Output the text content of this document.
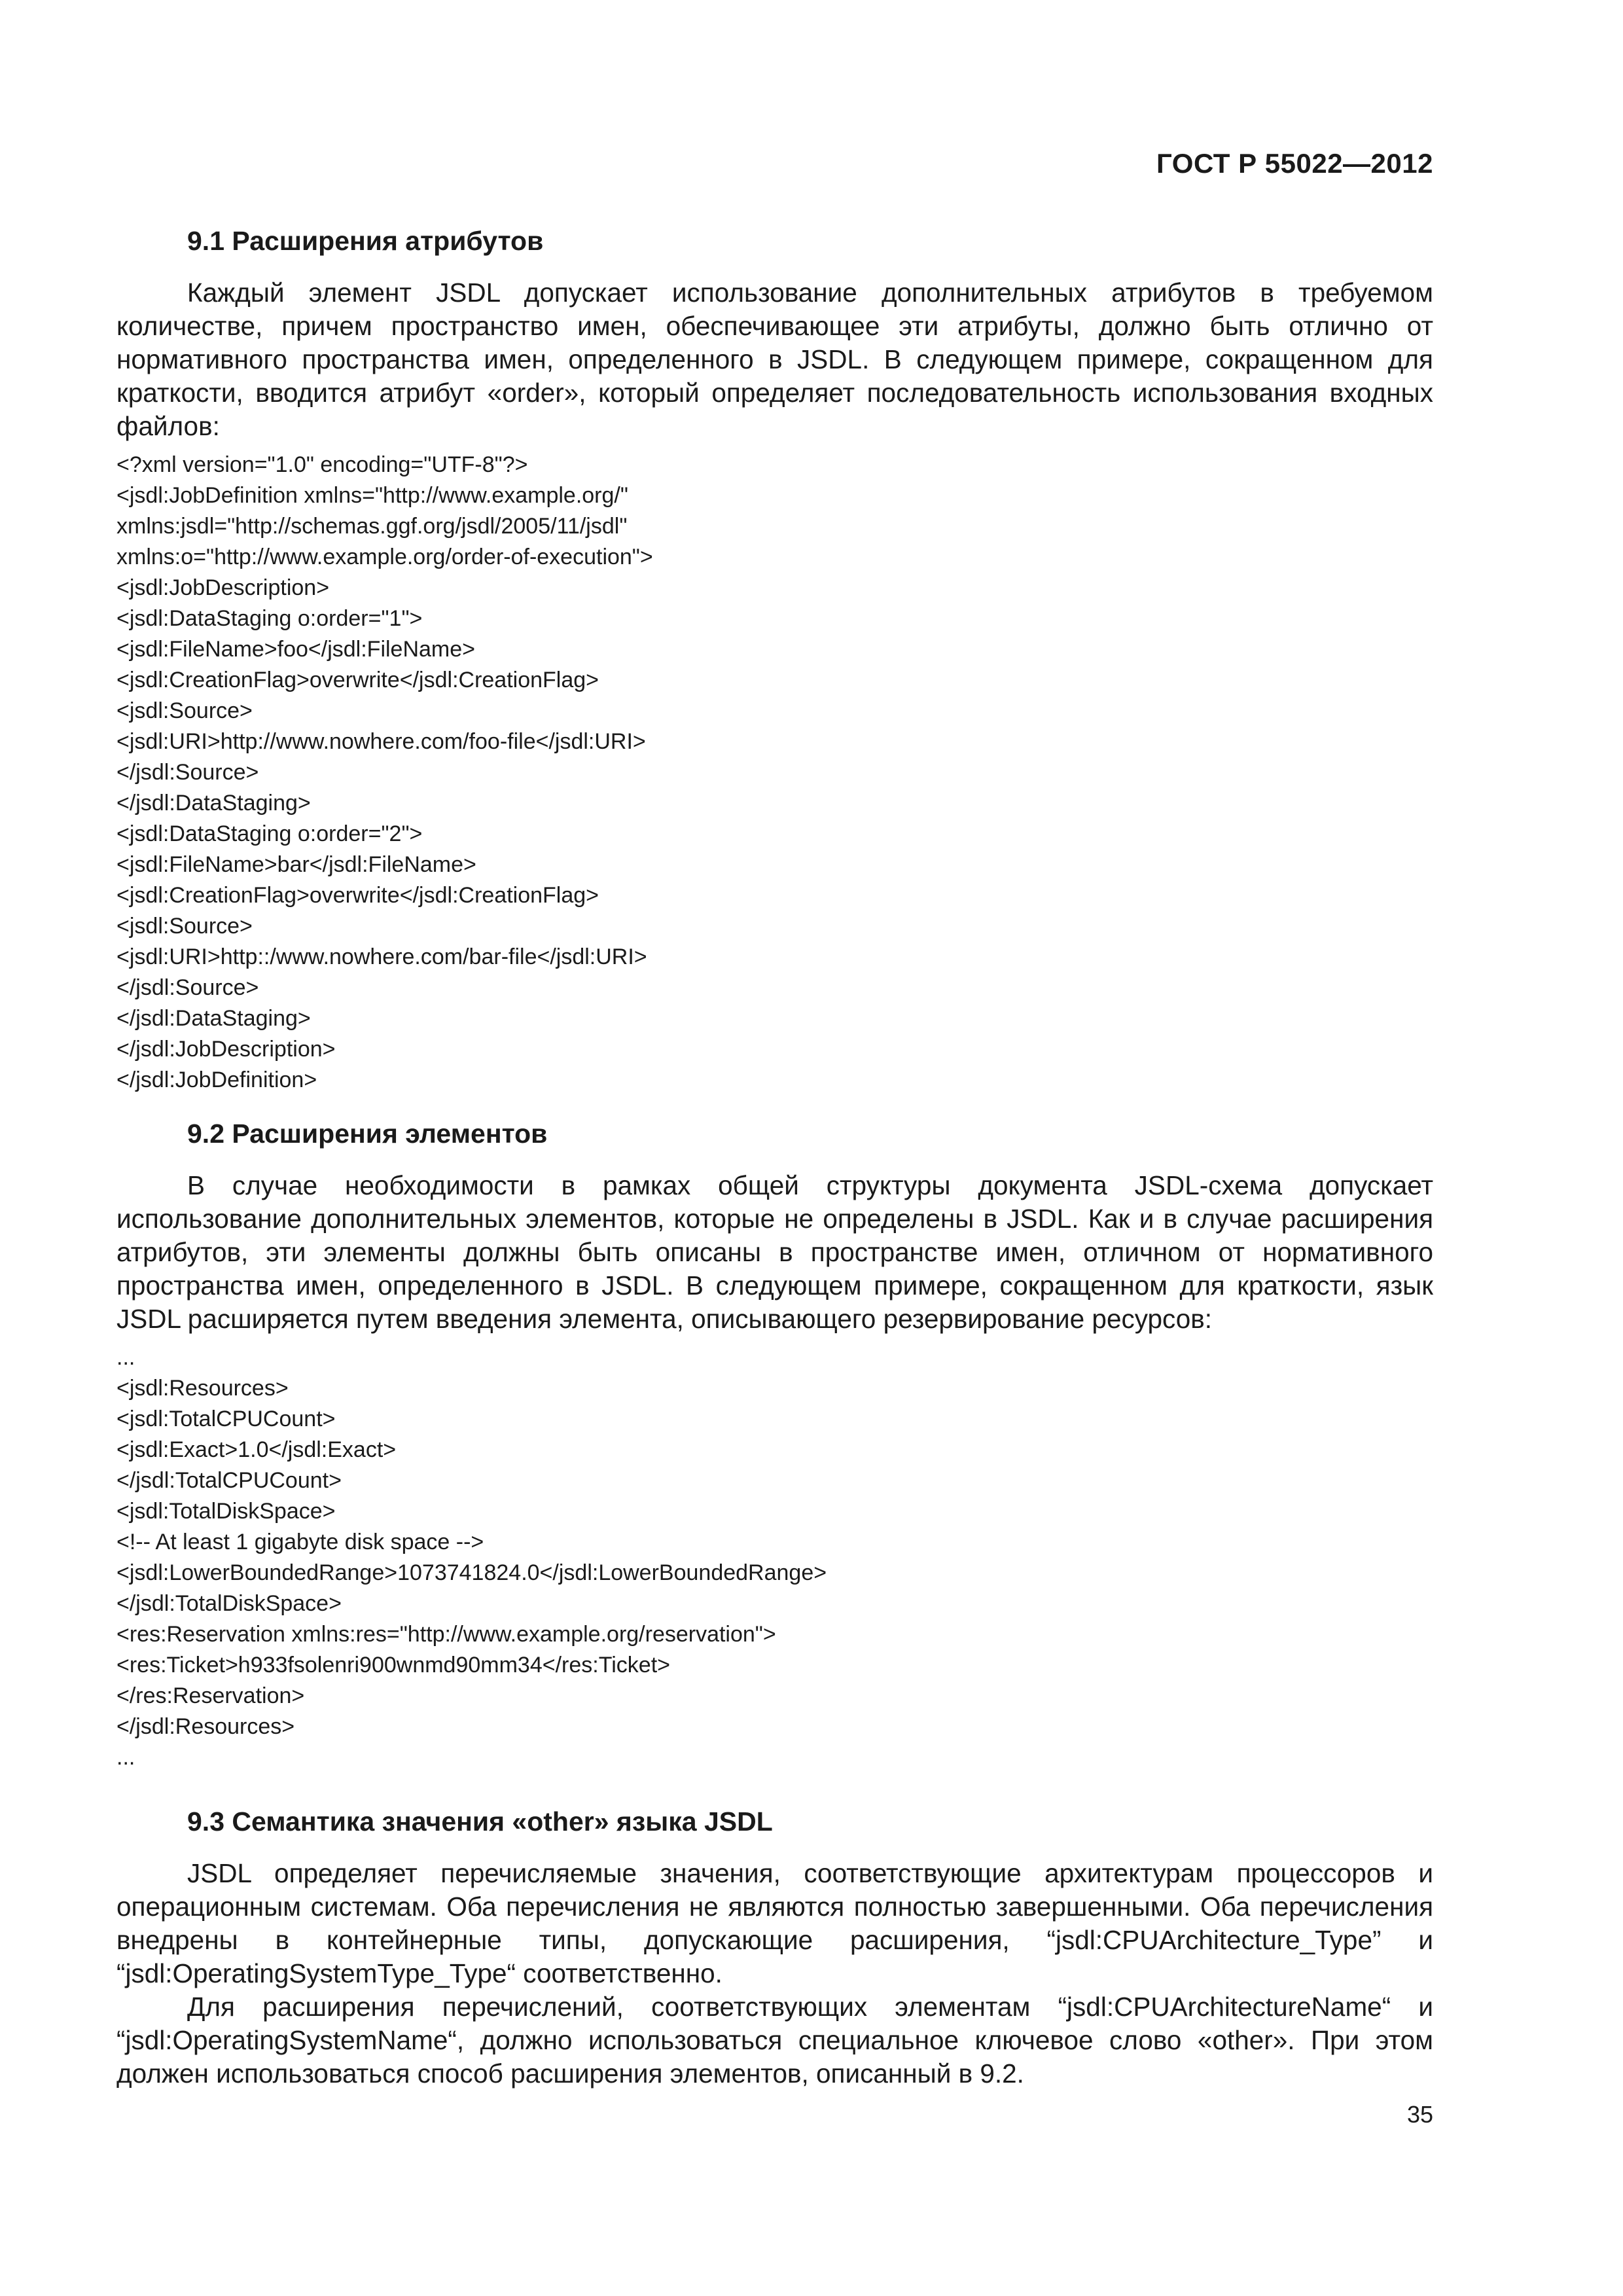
ГОСТ Р 55022—2012
9.1 Расширения атрибутов

Каждый элемент JSDL допускает использование дополнительных атрибутов в требуемом количестве, причем пространство имен, обеспечивающее эти атрибуты, должно быть отлично от нормативного пространства имен, определенного в JSDL. В следующем примере, сокращенном для краткости, вводится атрибут «order», который определяет последовательность использования входных файлов:

<?xml version="1.0" encoding="UTF-8"?>
<jsdl:JobDefinition xmlns="http://www.example.org/"
xmlns:jsdl="http://schemas.ggf.org/jsdl/2005/11/jsdl"
xmlns:o="http://www.example.org/order-of-execution">
<jsdl:JobDescription>
<jsdl:DataStaging o:order="1">
<jsdl:FileName>foo</jsdl:FileName>
<jsdl:CreationFlag>overwrite</jsdl:CreationFlag>
<jsdl:Source>
<jsdl:URI>http://www.nowhere.com/foo-file</jsdl:URI>
</jsdl:Source>
</jsdl:DataStaging>
<jsdl:DataStaging o:order="2">
<jsdl:FileName>bar</jsdl:FileName>
<jsdl:CreationFlag>overwrite</jsdl:CreationFlag>
<jsdl:Source>
<jsdl:URI>http::/www.nowhere.com/bar-file</jsdl:URI>
</jsdl:Source>
</jsdl:DataStaging>
</jsdl:JobDescription>
</jsdl:JobDefinition>
9.2 Расширения элементов

В случае необходимости в рамках общей структуры документа JSDL-схема допускает использование дополнительных элементов, которые не определены в JSDL. Как и в случае расширения атрибутов, эти элементы должны быть описаны в пространстве имен, отличном от нормативного пространства имен, определенного в JSDL. В следующем примере, сокращенном для краткости, язык JSDL расширяется путем введения элемента, описывающего резервирование ресурсов:

...
<jsdl:Resources>
<jsdl:TotalCPUCount>
<jsdl:Exact>1.0</jsdl:Exact>
</jsdl:TotalCPUCount>
<jsdl:TotalDiskSpace>
<!-- At least 1 gigabyte disk space -->
<jsdl:LowerBoundedRange>1073741824.0</jsdl:LowerBoundedRange>
</jsdl:TotalDiskSpace>
<res:Reservation xmlns:res="http://www.example.org/reservation">
<res:Ticket>h933fsolenri900wnmd90mm34</res:Ticket>
</res:Reservation>
</jsdl:Resources>
...
9.3 Семантика значения «other» языка JSDL

JSDL определяет перечисляемые значения, соответствующие архитектурам процессоров и операционным системам. Оба перечисления не являются полностью завершенными. Оба перечисления внедрены в контейнерные типы, допускающие расширения, “jsdl:CPUArchitecture_Type” и “jsdl:OperatingSystemType_Type“ соответственно.

Для расширения перечислений, соответствующих элементам “jsdl:CPUArchitectureName“ и “jsdl:OperatingSystemName“, должно использоваться специальное ключевое слово «other». При этом должен использоваться способ расширения элементов, описанный в 9.2.

35
